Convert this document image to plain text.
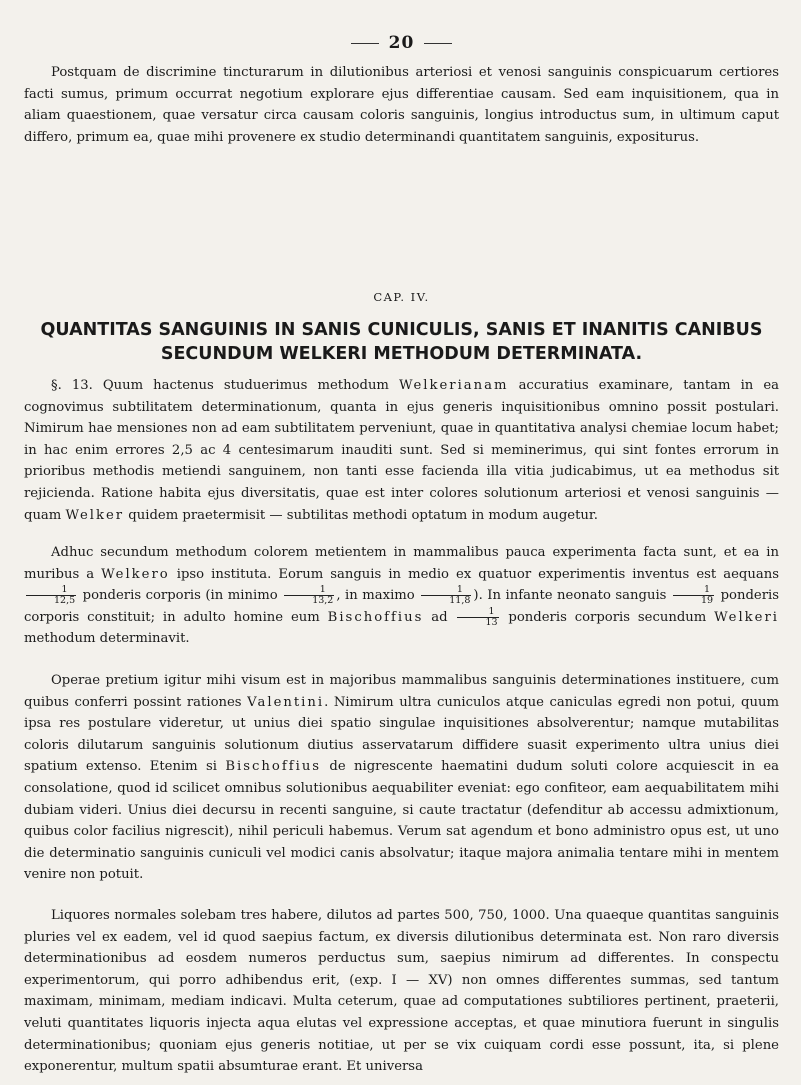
20

Postquam de discrimine tincturarum in dilutionibus arteriosi et venosi sanguinis conspicuarum certiores facti sumus, primum occurrat negotium explorare ejus differentiae causam. Sed eam inquisitionem, qua in aliam quaestionem, quae versatur circa causam coloris sanguinis, longius introductus sum, in ultimum caput differo, primum ea, quae mihi provenere ex studio determinandi quantitatem sanguinis, expositurus.

CAP. IV.
QUANTITAS SANGUINIS IN SANIS CUNICULIS, SANIS ET INANITIS CANIBUS
SECUNDUM WELKERI METHODUM DETERMINATA.

§. 13. Quum hactenus studuerimus methodum Welkerianam accuratius examinare, tantam in ea cognovimus subtilitatem determinationum, quanta in ejus generis inquisitionibus omnino possit postulari. Nimirum hae mensiones non ad eam subtilitatem perveniunt, quae in quantitativa analysi chemiae locum habet; in hac enim errores 2,5 ac 4 centesimarum inauditi sunt. Sed si meminerimus, qui sint fontes errorum in prioribus methodis metiendi sanguinem, non tanti esse facienda illa vitia judicabimus, ut ea methodus sit rejicienda. Ratione habita ejus diversitatis, quae est inter colores solutionum arteriosi et venosi sanguinis — quam Welker quidem praetermisit — subtilitas methodi optatum in modum augetur.

Adhuc secundum methodum colorem metientem in mammalibus pauca experimenta facta sunt, et ea in muribus a Welkero ipso instituta. Eorum sanguis in medio ex quatuor experimentis inventus est aequans
$\frac{1}{12,5}$ ponderis corporis (in minimo $\frac{1}{13,2}$ , in maximo $\frac{1}{11,8}$ ). In infante neonato sanguis $\frac{1}{19}$ ponderis corporis constituit; in adulto homine eum Bischoffius ad $\frac{1}{13}$ ponderis corporis secundum Welkeri methodum determinavit.

Operae pretium igitur mihi visum est in majoribus mammalibus sanguinis determinationes instituere, cum quibus conferri possint rationes Valentini. Nimirum ultra cuniculos atque caniculas egredi non potui, quum ipsa res postulare videretur, ut unius diei spatio singulae inquisitiones absolverentur; namque mutabilitas coloris dilutarum sanguinis solutionum diutius asservatarum diffidere suasit experimento ultra unius diei spatium extenso. Etenim si Bischoffius de nigrescente haematini dudum soluti colore acquiescit in ea consolatione, quod id scilicet omnibus solutionibus aequabiliter eveniat: ego confiteor, eam aequabilitatem mihi dubiam videri. Unius diei decursu in recenti sanguine, si caute tractatur (defenditur ab accessu admixtionum, quibus color facilius nigrescit), nihil periculi habemus. Verum sat agendum et bono administro opus est, ut uno die determinatio sanguinis cuniculi vel modici canis absolvatur; itaque majora animalia tentare mihi in mentem venire non potuit.

Liquores normales solebam tres habere, dilutos ad partes 500, 750, 1000. Una quaeque quantitas sanguinis pluries vel ex eadem, vel id quod saepius factum, ex diversis dilutionibus determinata est. Non raro diversis determinationibus ad eosdem numeros perductus sum, saepius nimirum ad differentes. In conspectu experimentorum, qui porro adhibendus erit, (exp. I — XV) non omnes differentes summas, sed tantum maximam, minimam, mediam indicavi. Multa ceterum, quae ad computationes subtiliores pertinent, praeterii, veluti quantitates liquoris injecta aqua elutas vel expressione acceptas, et quae minutiora fuerunt in singulis determinationibus; quoniam ejus generis notitiae, ut per se vix cuiquam cordi esse possunt, ita, si plene exponerentur, multum spatii absumturae erant. Et universa
